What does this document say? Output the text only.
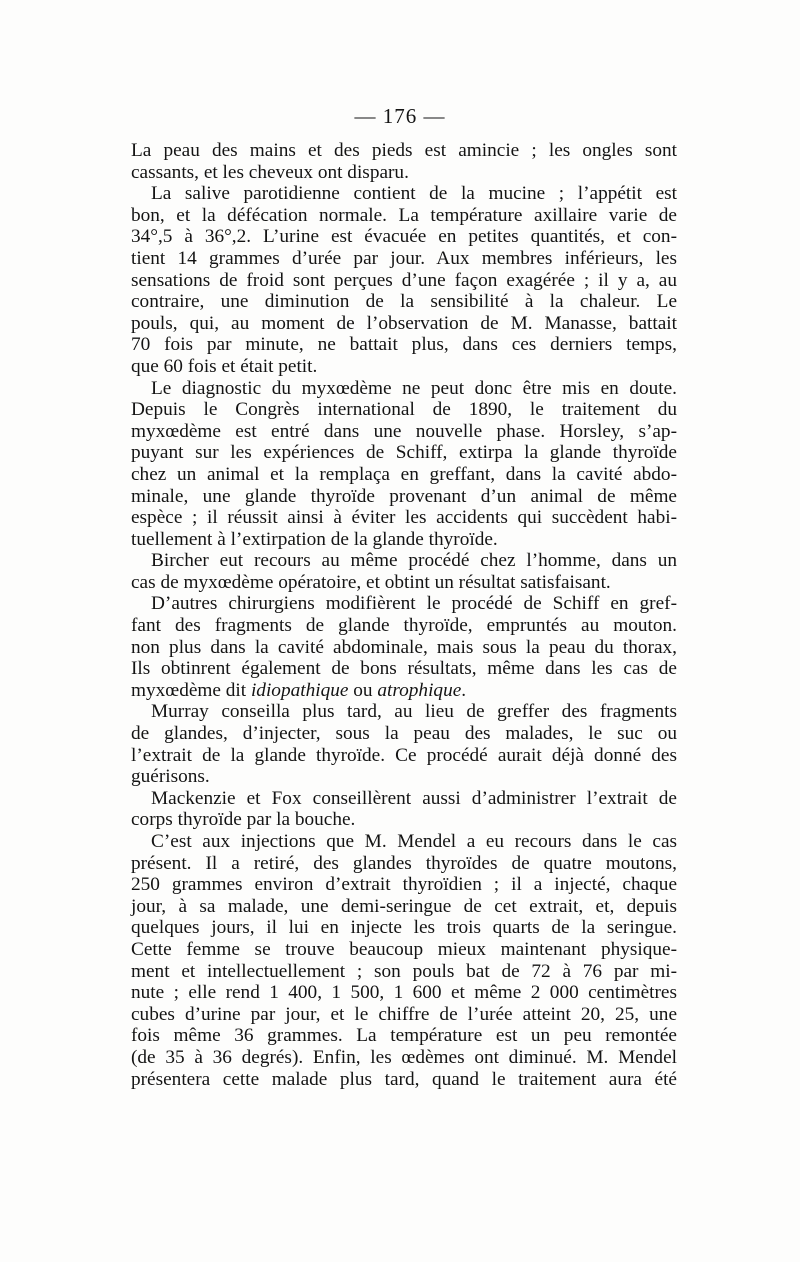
— 176 —
La peau des mains et des pieds est amincie ; les ongles sont
cassants, et les cheveux ont disparu.
La salive parotidienne contient de la mucine ; l’appétit est
bon, et la défécation normale. La température axillaire varie de
34°,5 à 36°,2. L’urine est évacuée en petites quantités, et con-
tient 14 grammes d’urée par jour. Aux membres inférieurs, les
sensations de froid sont perçues d’une façon exagérée ; il y a, au
contraire, une diminution de la sensibilité à la chaleur. Le
pouls, qui, au moment de l’observation de M. Manasse, battait
70 fois par minute, ne battait plus, dans ces derniers temps,
que 60 fois et était petit.
Le diagnostic du myxœdème ne peut donc être mis en doute.
Depuis le Congrès international de 1890, le traitement du
myxœdème est entré dans une nouvelle phase. Horsley, s’ap-
puyant sur les expériences de Schiff, extirpa la glande thyroïde
chez un animal et la remplaça en greffant, dans la cavité abdo-
minale, une glande thyroïde provenant d’un animal de même
espèce ; il réussit ainsi à éviter les accidents qui succèdent habi-
tuellement à l’extirpation de la glande thyroïde.
Bircher eut recours au même procédé chez l’homme, dans un
cas de myxœdème opératoire, et obtint un résultat satisfaisant.
D’autres chirurgiens modifièrent le procédé de Schiff en gref-
fant des fragments de glande thyroïde, empruntés au mouton.
non plus dans la cavité abdominale, mais sous la peau du thorax,
Ils obtinrent également de bons résultats, même dans les cas de
myxœdème dit idiopathique ou atrophique.
Murray conseilla plus tard, au lieu de greffer des fragments
de glandes, d’injecter, sous la peau des malades, le suc ou
l’extrait de la glande thyroïde. Ce procédé aurait déjà donné des
guérisons.
Mackenzie et Fox conseillèrent aussi d’administrer l’extrait de
corps thyroïde par la bouche.
C’est aux injections que M. Mendel a eu recours dans le cas
présent. Il a retiré, des glandes thyroïdes de quatre moutons,
250 grammes environ d’extrait thyroïdien ; il a injecté, chaque
jour, à sa malade, une demi-seringue de cet extrait, et, depuis
quelques jours, il lui en injecte les trois quarts de la seringue.
Cette femme se trouve beaucoup mieux maintenant physique-
ment et intellectuellement ; son pouls bat de 72 à 76 par mi-
nute ; elle rend 1 400, 1 500, 1 600 et même 2 000 centimètres
cubes d’urine par jour, et le chiffre de l’urée atteint 20, 25, une
fois même 36 grammes. La température est un peu remontée
(de 35 à 36 degrés). Enfin, les œdèmes ont diminué. M. Mendel
présentera cette malade plus tard, quand le traitement aura été
